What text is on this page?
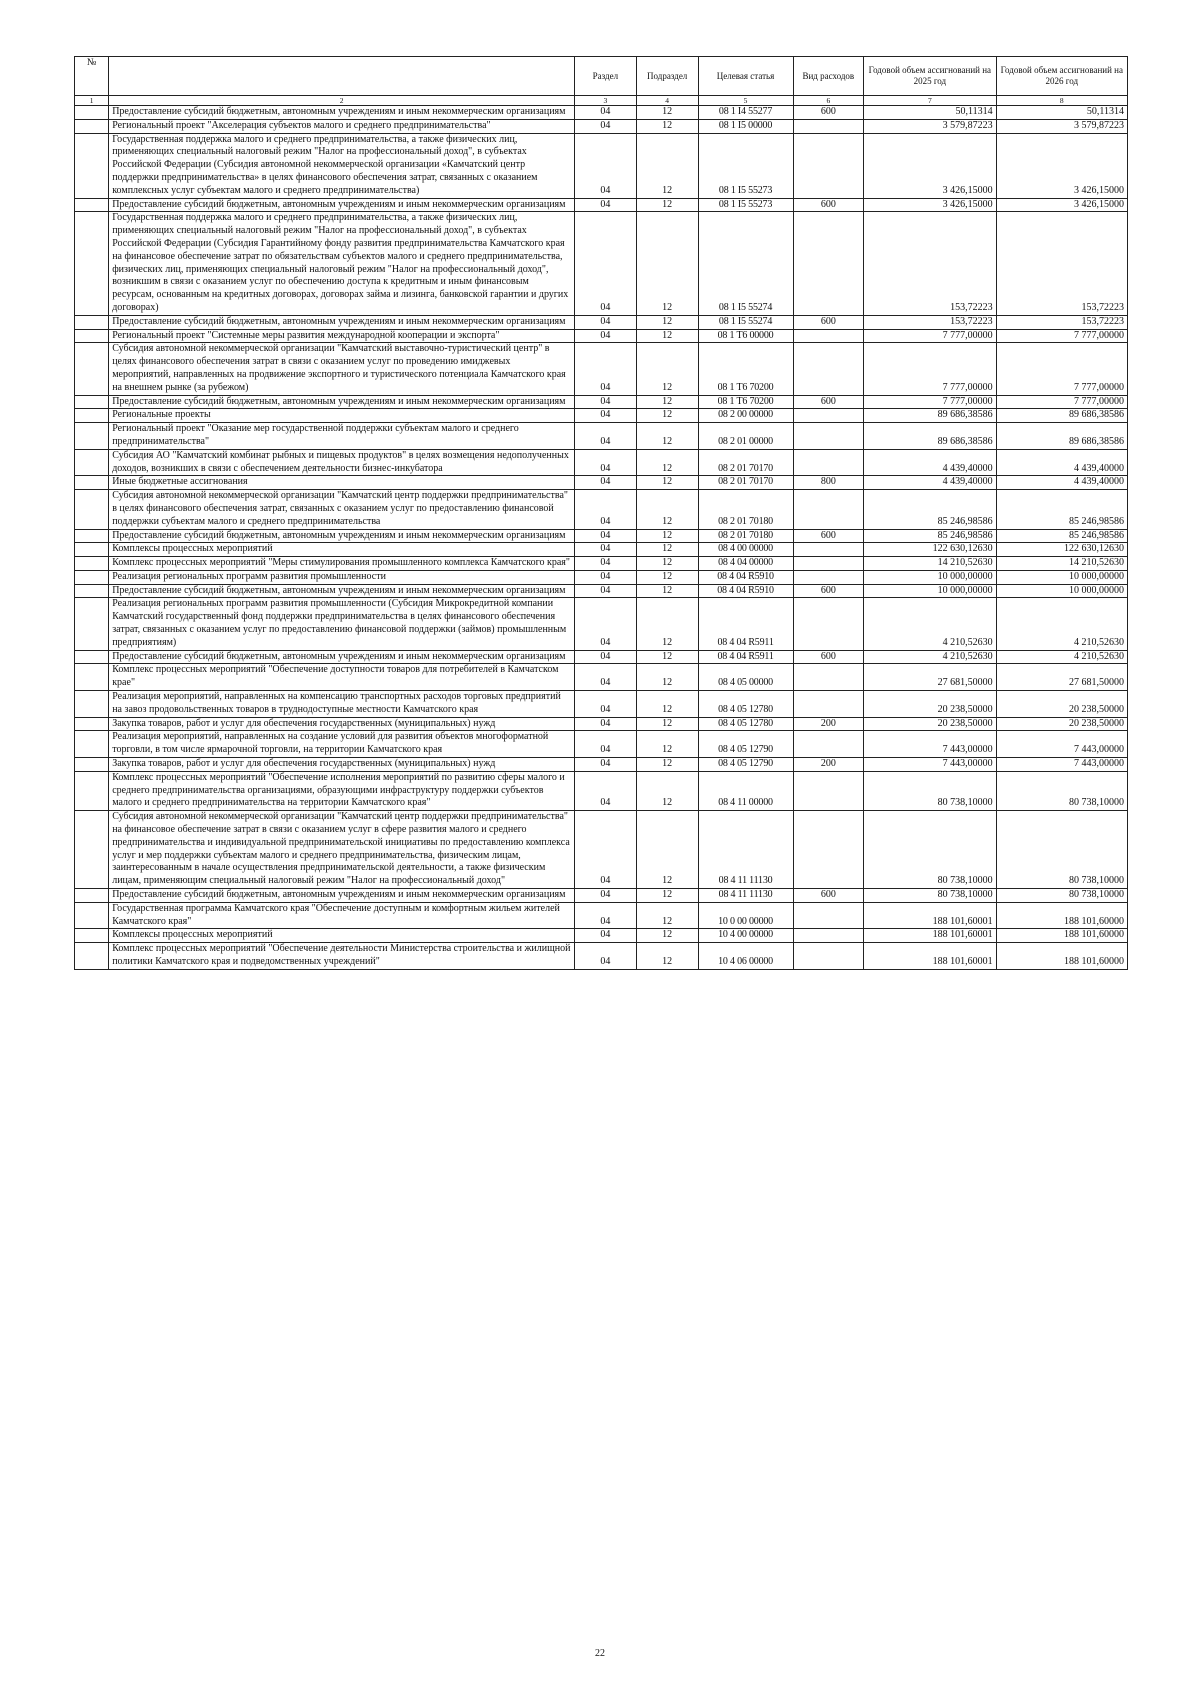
№		Раздел	Подраздел	Целевая статья	Вид расходов	Годовой объем ассигнований на 2025 год	Годовой объем ассигнований на 2026 год
1	2	3	4	5	6	7	8
	Предоставление субсидий бюджетным, автономным учреждениям и иным некоммерческим организациям	04	12	08 1 I4 55277	600	50,11314	50,11314
	Региональный проект "Акселерация субъектов малого и среднего предпринимательства"	04	12	08 1 I5 00000		3 579,87223	3 579,87223
	Государственная поддержка малого и среднего предпринимательства, а также физических лиц, применяющих специальный налоговый режим "Налог на профессиональный доход", в субъектах Российской Федерации (Субсидия автономной некоммерческой организации «Камчатский центр поддержки предпринимательства» в целях финансового обеспечения затрат, связанных с оказанием комплексных услуг субъектам малого и среднего предпринимательства)	04	12	08 1 I5 55273		3 426,15000	3 426,15000
	Предоставление субсидий бюджетным, автономным учреждениям и иным некоммерческим организациям	04	12	08 1 I5 55273	600	3 426,15000	3 426,15000
	Государственная поддержка малого и среднего предпринимательства, а также физических лиц, применяющих специальный налоговый режим "Налог на профессиональный доход", в субъектах Российской Федерации (Субсидия Гарантийному фонду развития предпринимательства Камчатского края на финансовое обеспечение затрат по обязательствам субъектов малого и среднего предпринимательства, физических лиц, применяющих специальный налоговый режим "Налог на профессиональный доход", возникшим в связи с оказанием услуг по обеспечению доступа к кредитным и иным финансовым ресурсам, основанным на кредитных договорах, договорах займа и лизинга, банковской гарантии и других договорах)	04	12	08 1 I5 55274		153,72223	153,72223
	Предоставление субсидий бюджетным, автономным учреждениям и иным некоммерческим организациям	04	12	08 1 I5 55274	600	153,72223	153,72223
	Региональный проект "Системные меры развития международной кооперации и экспорта"	04	12	08 1 T6 00000		7 777,00000	7 777,00000
	Субсидия автономной некоммерческой организации "Камчатский выставочно-туристический центр" в целях финансового обеспечения затрат в связи с оказанием услуг по проведению имиджевых мероприятий, направленных на продвижение экспортного и туристического потенциала Камчатского края на внешнем рынке (за рубежом)	04	12	08 1 T6 70200		7 777,00000	7 777,00000
	Предоставление субсидий бюджетным, автономным учреждениям и иным некоммерческим организациям	04	12	08 1 T6 70200	600	7 777,00000	7 777,00000
	Региональные проекты	04	12	08 2 00 00000		89 686,38586	89 686,38586
	Региональный проект "Оказание мер государственной поддержки субъектам малого и среднего предпринимательства"	04	12	08 2 01 00000		89 686,38586	89 686,38586
	Субсидия АО "Камчатский комбинат рыбных и пищевых продуктов" в целях возмещения недополученных доходов, возникших в связи с обеспечением деятельности бизнес-инкубатора	04	12	08 2 01 70170		4 439,40000	4 439,40000
	Иные бюджетные ассигнования	04	12	08 2 01 70170	800	4 439,40000	4 439,40000
	Субсидия автономной некоммерческой организации "Камчатский центр поддержки предпринимательства" в целях финансового обеспечения затрат, связанных с оказанием услуг по предоставлению финансовой поддержки субъектам малого и среднего предпринимательства	04	12	08 2 01 70180		85 246,98586	85 246,98586
	Предоставление субсидий бюджетным, автономным учреждениям и иным некоммерческим организациям	04	12	08 2 01 70180	600	85 246,98586	85 246,98586
	Комплексы процессных мероприятий	04	12	08 4 00 00000		122 630,12630	122 630,12630
	Комплекс процессных мероприятий "Меры стимулирования промышленного комплекса Камчатского края"	04	12	08 4 04 00000		14 210,52630	14 210,52630
	Реализация региональных программ развития промышленности	04	12	08 4 04 R5910		10 000,00000	10 000,00000
	Предоставление субсидий бюджетным, автономным учреждениям и иным некоммерческим организациям	04	12	08 4 04 R5910	600	10 000,00000	10 000,00000
	Реализация региональных программ развития промышленности (Субсидия Микрокредитной компании Камчатский государственный фонд поддержки предпринимательства в целях финансового обеспечения затрат, связанных с оказанием услуг по предоставлению финансовой поддержки (займов) промышленным предприятиям)	04	12	08 4 04 R5911		4 210,52630	4 210,52630
	Предоставление субсидий бюджетным, автономным учреждениям и иным некоммерческим организациям	04	12	08 4 04 R5911	600	4 210,52630	4 210,52630
	Комплекс процессных мероприятий "Обеспечение доступности товаров для потребителей в Камчатском крае"	04	12	08 4 05 00000		27 681,50000	27 681,50000
	Реализация мероприятий, направленных на компенсацию транспортных расходов торговых предприятий на завоз продовольственных товаров в труднодоступные местности Камчатского края	04	12	08 4 05 12780		20 238,50000	20 238,50000
	Закупка товаров, работ и услуг для обеспечения государственных (муниципальных) нужд	04	12	08 4 05 12780	200	20 238,50000	20 238,50000
	Реализация мероприятий, направленных на создание условий для развития объектов многоформатной торговли, в том числе ярмарочной торговли, на территории Камчатского края	04	12	08 4 05 12790		7 443,00000	7 443,00000
	Закупка товаров, работ и услуг для обеспечения государственных (муниципальных) нужд	04	12	08 4 05 12790	200	7 443,00000	7 443,00000
	Комплекс процессных мероприятий "Обеспечение исполнения мероприятий по развитию сферы малого и среднего предпринимательства организациями, образующими инфраструктуру поддержки субъектов малого и среднего предпринимательства на территории Камчатского края"	04	12	08 4 11 00000		80 738,10000	80 738,10000
	Субсидия автономной некоммерческой организации "Камчатский центр поддержки предпринимательства" на финансовое обеспечение затрат в связи с оказанием услуг в сфере развития малого и среднего предпринимательства и индивидуальной предпринимательской инициативы по предоставлению комплекса услуг и мер поддержки субъектам малого и среднего предпринимательства, физическим лицам, заинтересованным в начале осуществления предпринимательской деятельности, а также физическим лицам, применяющим специальный налоговый режим "Налог на профессиональный доход"	04	12	08 4 11 11130		80 738,10000	80 738,10000
	Предоставление субсидий бюджетным, автономным учреждениям и иным некоммерческим организациям	04	12	08 4 11 11130	600	80 738,10000	80 738,10000
	Государственная программа Камчатского края "Обеспечение доступным и комфортным жильем жителей Камчатского края"	04	12	10 0 00 00000		188 101,60001	188 101,60000
	Комплексы процессных мероприятий	04	12	10 4 00 00000		188 101,60001	188 101,60000
	Комплекс процессных мероприятий "Обеспечение деятельности Министерства строительства и жилищной политики Камчатского края и подведомственных учреждений"	04	12	10 4 06 00000		188 101,60001	188 101,60000
22
